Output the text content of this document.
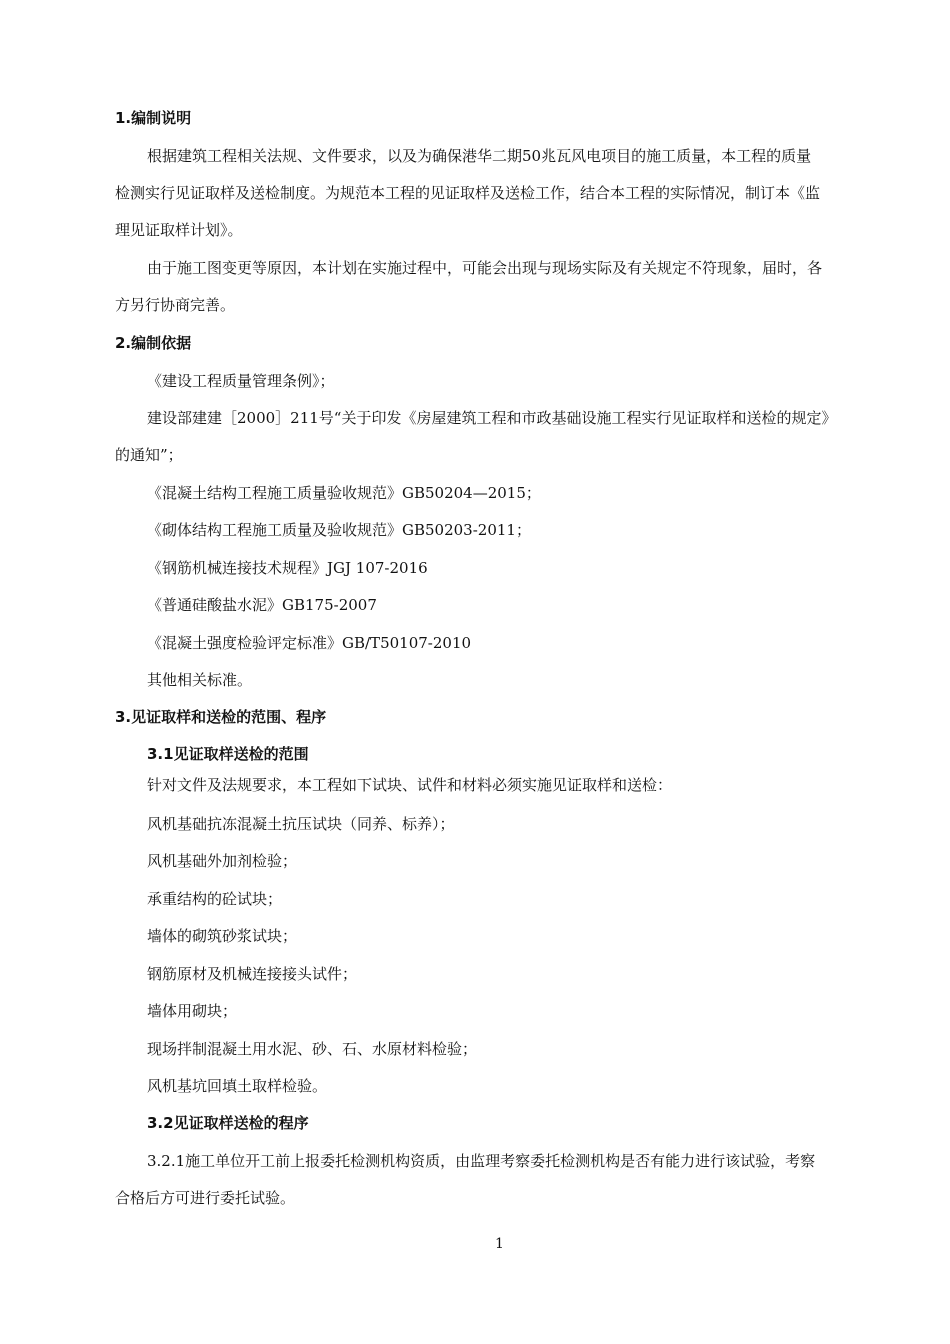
1.编制说明
根据建筑工程相关法规、文件要求，以及为确保港华二期50兆瓦风电项目的施工质量，本工程的质量
检测实行见证取样及送检制度。为规范本工程的见证取样及送检工作，结合本工程的实际情况，制订本《监
理见证取样计划》。
由于施工图变更等原因，本计划在实施过程中，可能会出现与现场实际及有关规定不符现象，届时，各
方另行协商完善。
2.编制依据
《建设工程质量管理条例》；
建设部建建［2000］211号“关于印发《房屋建筑工程和市政基础设施工程实行见证取样和送检的规定》
的通知”；
《混凝土结构工程施工质量验收规范》GB50204—2015；
《砌体结构工程施工质量及验收规范》GB50203-2011；
《钢筋机械连接技术规程》JGJ 107-2016
《普通硅酸盐水泥》GB175-2007
《混凝土强度检验评定标准》GB/T50107-2010
其他相关标准。
3.见证取样和送检的范围、程序
3.1见证取样送检的范围
针对文件及法规要求，本工程如下试块、试件和材料必须实施见证取样和送检：
风机基础抗冻混凝土抗压试块（同养、标养）；
风机基础外加剂检验；
承重结构的砼试块；
墙体的砌筑砂浆试块；
钢筋原材及机械连接接头试件；
墙体用砌块；
现场拌制混凝土用水泥、砂、石、水原材料检验；
风机基坑回填土取样检验。
3.2见证取样送检的程序
3.2.1施工单位开工前上报委托检测机构资质，由监理考察委托检测机构是否有能力进行该试验，考察
合格后方可进行委托试验。
1
